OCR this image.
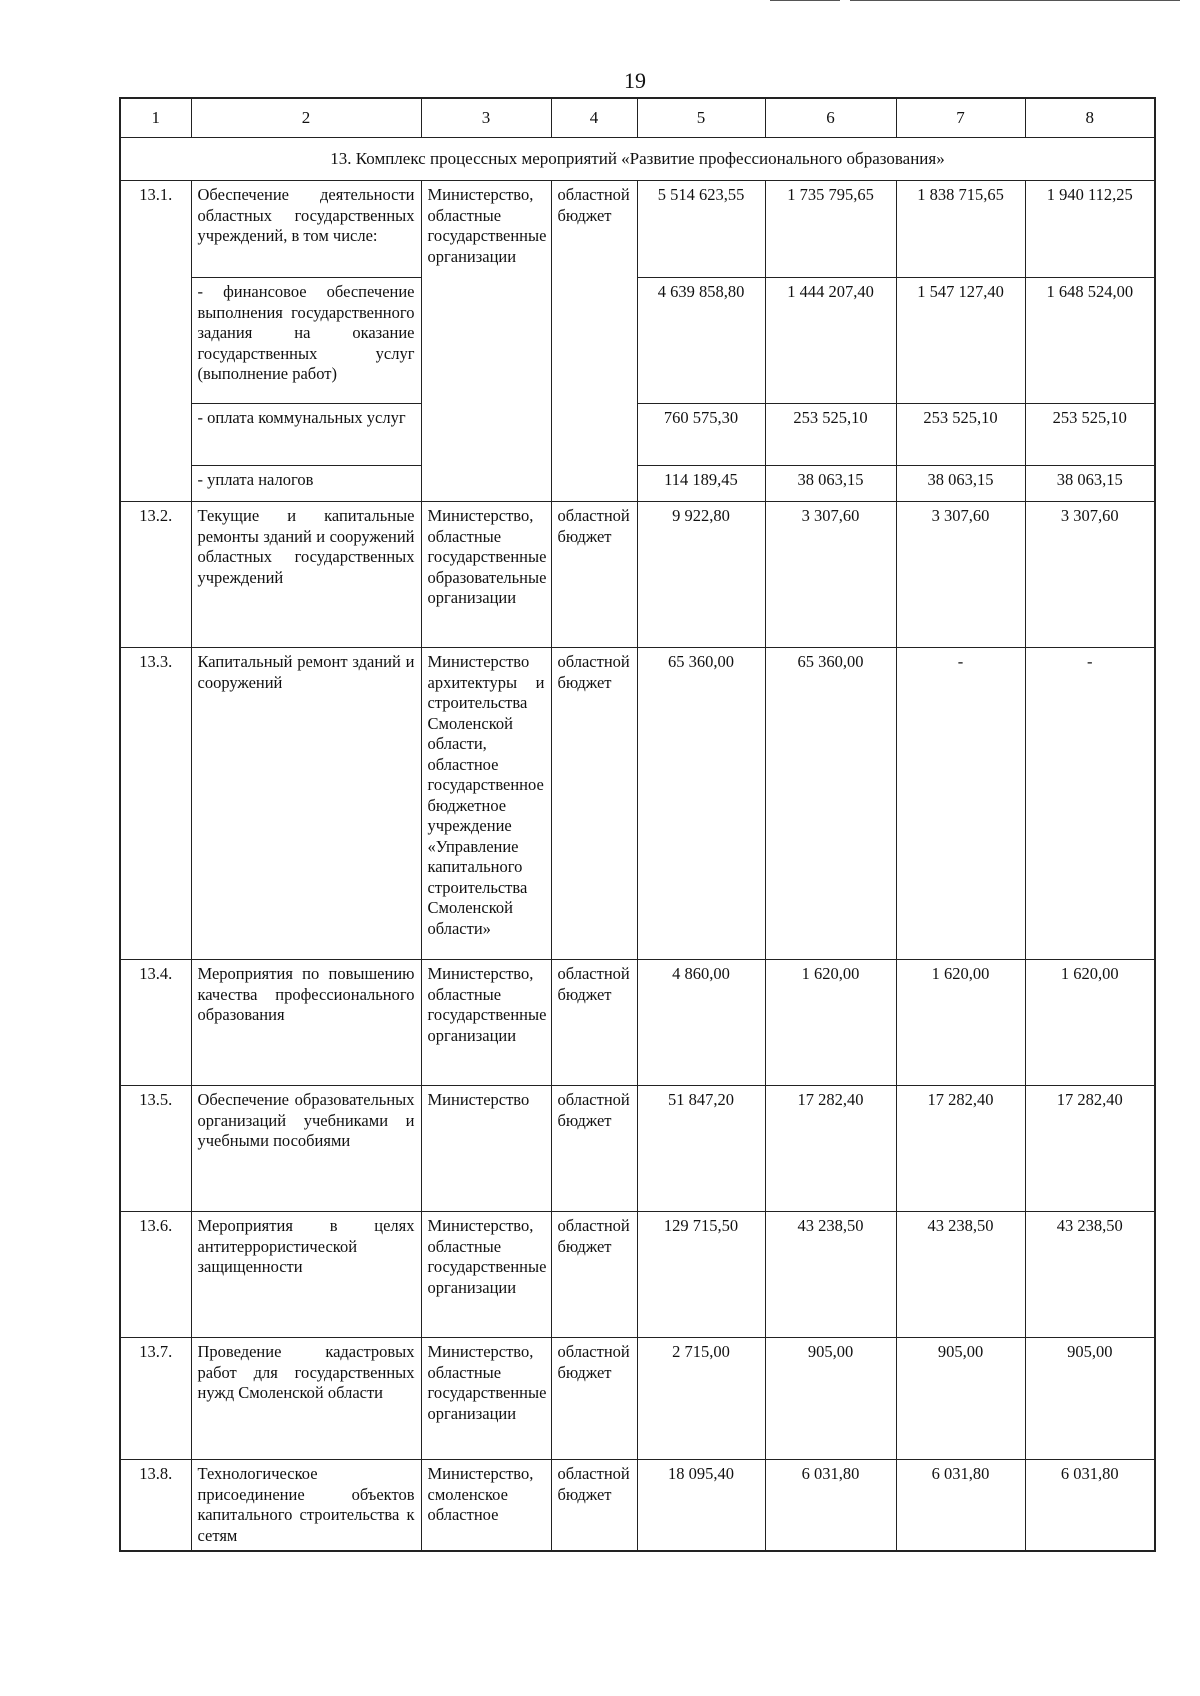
19
1	2	3	4	5	6	7	8
13. Комплекс процессных мероприятий «Развитие профессионального образования»							
13.1.	Обеспечение деятельности областных государственных учреждений, в том числе:	Министерство, областные государственные организации	областной бюджет	5 514 623,55	1 735 795,65	1 838 715,65	1 940 112,25
	- финансовое обеспечение выполнения государственного задания на оказание государственных услуг (выполнение работ)			4 639 858,80	1 444 207,40	1 547 127,40	1 648 524,00
	- оплата коммунальных услуг			760 575,30	253 525,10	253 525,10	253 525,10
	- уплата налогов			114 189,45	38 063,15	38 063,15	38 063,15
13.2.	Текущие и капитальные ремонты зданий и сооружений областных государственных учреждений	Министерство, областные государственные образовательные организации	областной бюджет	9 922,80	3 307,60	3 307,60	3 307,60
13.3.	Капитальный ремонт зданий и сооружений	Министерство архитектуры и строительства Смоленской области, областное государственное бюджетное учреждение «Управление капитального строительства Смоленской области»	областной бюджет	65 360,00	65 360,00	-	-
13.4.	Мероприятия по повышению качества профессионального образования	Министерство, областные государственные организации	областной бюджет	4 860,00	1 620,00	1 620,00	1 620,00
13.5.	Обеспечение образовательных организаций учебниками и учебными пособиями	Министерство	областной бюджет	51 847,20	17 282,40	17 282,40	17 282,40
13.6.	Мероприятия в целях антитеррористической защищенности	Министерство, областные государственные организации	областной бюджет	129 715,50	43 238,50	43 238,50	43 238,50
13.7.	Проведение кадастровых работ для государственных нужд Смоленской области	Министерство, областные государственные организации	областной бюджет	2 715,00	905,00	905,00	905,00
13.8.	Технологическое присоединение объектов капитального строительства к сетям	Министерство, смоленское областное	областной бюджет	18 095,40	6 031,80	6 031,80	6 031,80
